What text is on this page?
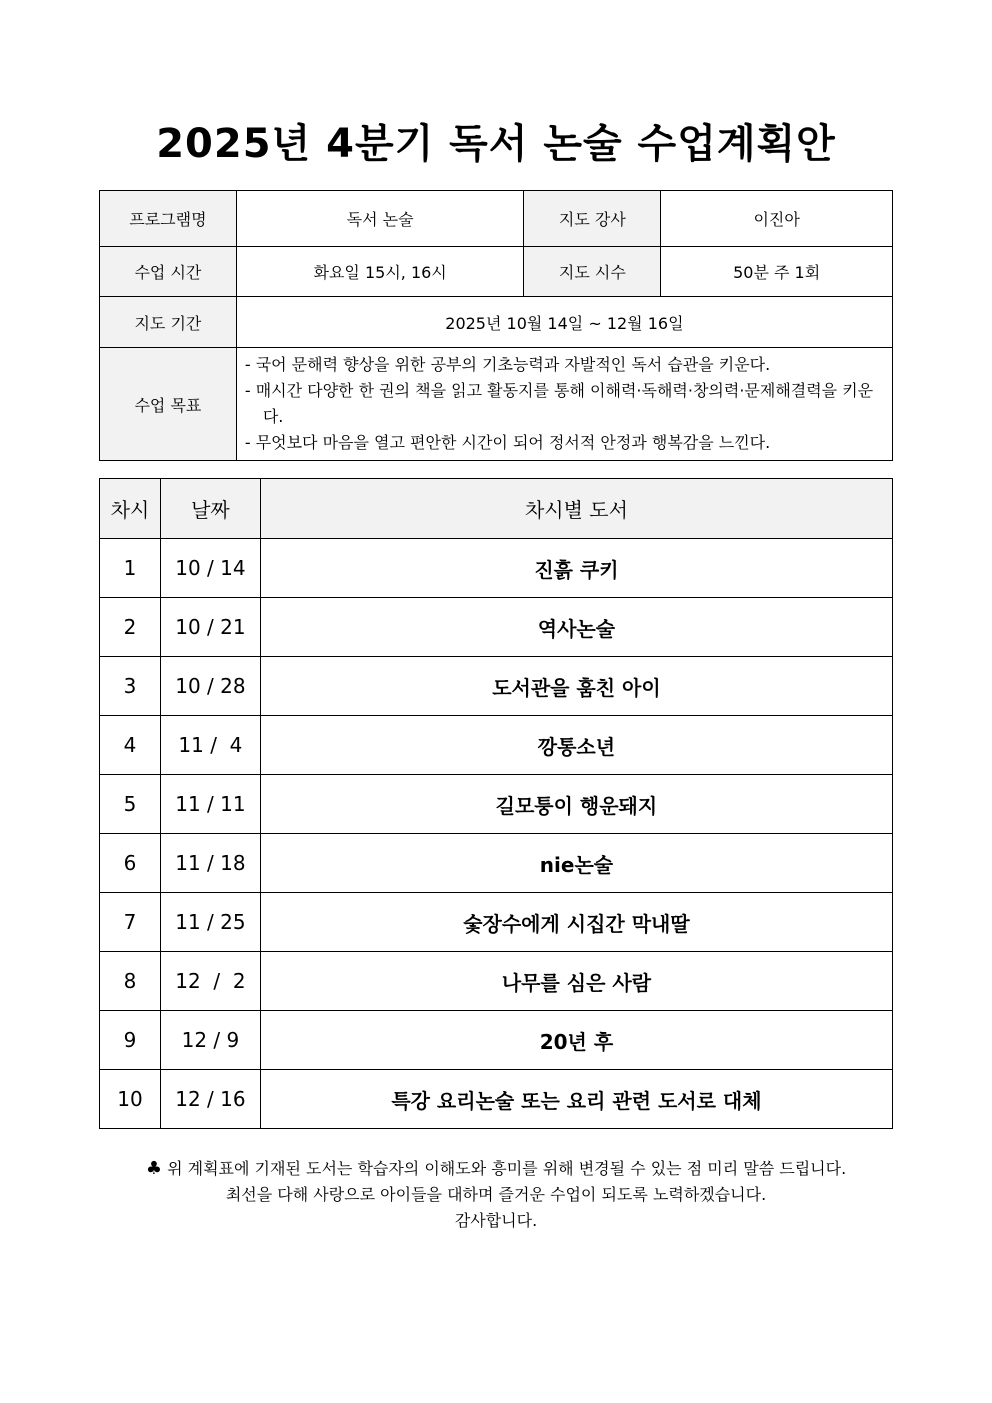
2025년 4분기 독서 논술 수업계획안
프로그램명	독서 논술	지도 강사	이진아
수업 시간	화요일 15시, 16시	지도 시수	50분 주 1회
지도 기간	2025년 10월 14일 ~ 12월 16일		
수업 목표	- 국어 문해력 향상을 위한 공부의 기초능력과 자발적인 독서 습관을 키운다.
- 매시간 다양한 한 권의 책을 읽고 활동지를 통해 이해력·독해력·창의력·문제해결력을 키운다.
- 무엇보다 마음을 열고 편안한 시간이 되어 정서적 안정과 행복감을 느낀다.		
차시	날짜	차시별 도서
1	10 / 14	진흙 쿠키
2	10 / 21	역사논술
3	10 / 28	도서관을 훔친 아이
4	11 /  4	깡통소년
5	11 / 11	길모퉁이 행운돼지
6	11 / 18	nie논술
7	11 / 25	숯장수에게 시집간 막내딸
8	12  /  2	나무를 심은 사람
9	12 / 9	20년 후
10	12 / 16	특강 요리논술 또는 요리 관련 도서로 대체
♣ 위 계획표에 기재된 도서는 학습자의 이해도와 흥미를 위해 변경될 수 있는 점 미리 말씀 드립니다.
최선을 다해 사랑으로 아이들을 대하며 즐거운 수업이 되도록 노력하겠습니다.
감사합니다.
